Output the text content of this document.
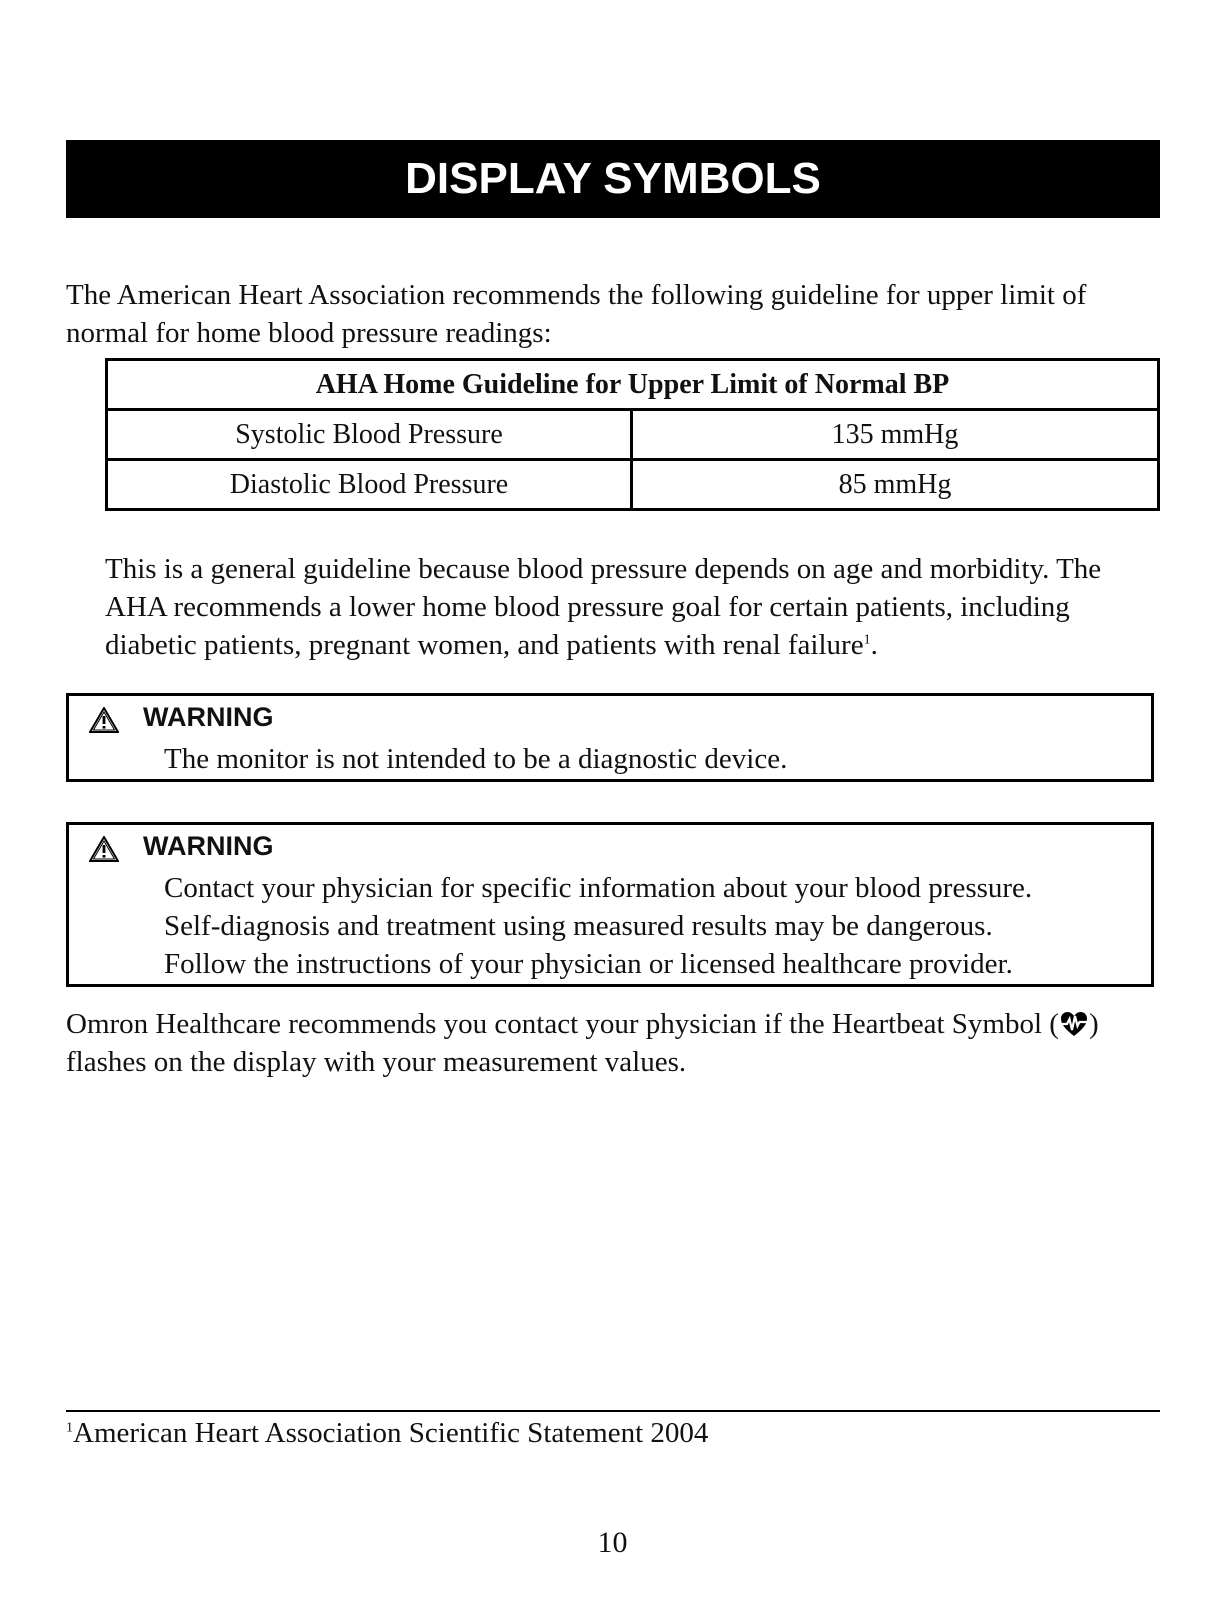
DISPLAY SYMBOLS

The American Heart Association recommends the following guideline for upper limit of normal for home blood pressure readings:

AHA Home Guideline for Upper Limit of Normal BP	
Systolic Blood Pressure	135 mmHg
Diastolic Blood Pressure	85 mmHg

This is a general guideline because blood pressure depends on age and morbidity. The AHA recommends a lower home blood pressure goal for certain patients, including diabetic patients, pregnant women, and patients with renal failure$^1$.

WARNING

The monitor is not intended to be a diagnostic device.

WARNING

Contact your physician for specific information about your blood pressure.

Self-diagnosis and treatment using measured results may be dangerous.

Follow the instructions of your physician or licensed healthcare provider.

Omron Healthcare recommends you contact your physician if the Heartbeat Symbol ( ) flashes on the display with your measurement values.

$^1$American Heart Association Scientific Statement 2004

10
